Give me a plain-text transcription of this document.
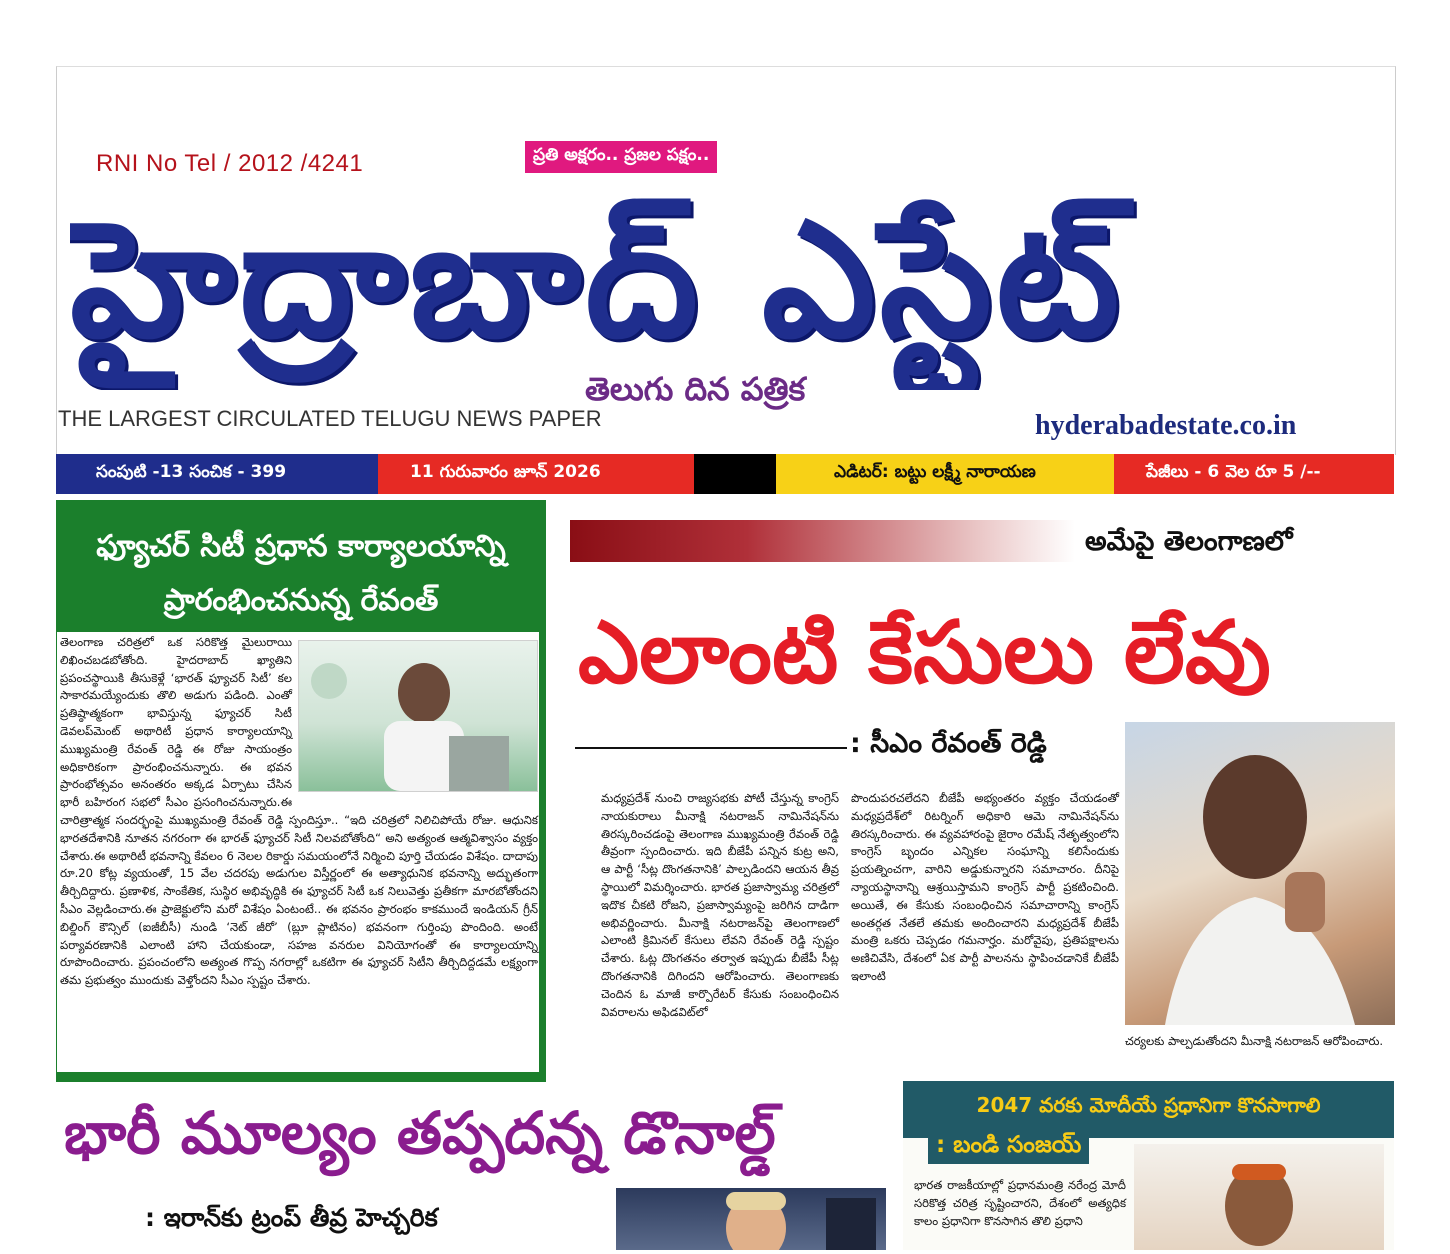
RNI No Tel / 2012 /4241	ప్రతి అక్షరం.. ప్రజల పక్షం..
హైద్రాబాద్ ఎస్టేట్
తెలుగు దిన పత్రిక
THE LARGEST CIRCULATED TELUGU NEWS PAPER	hyderabadestate.co.in
సంపుటి -13 సంచిక - 399	11 గురువారం జూన్ 2026	ఎడిటర్: బట్టు లక్ష్మీ నారాయణ	పేజీలు - 6 వెల రూ 5 /--
ఫ్యూచర్ సిటీ ప్రధాన కార్యాలయాన్ని
ప్రారంభించనున్న రేవంత్
తెలంగాణ చరిత్రలో ఒక సరికొత్త మైలురాయి లిఖించబడబోతోంది. హైదరాబాద్ ఖ్యాతిని ప్రపంచస్థాయికి తీసుకెళ్లే ‘భారత్ ఫ్యూచర్ సిటీ’ కల సాకారమయ్యేందుకు తొలి అడుగు పడింది. ఎంతో ప్రతిష్ఠాత్మకంగా భావిస్తున్న ఫ్యూచర్ సిటీ డెవలప్‌మెంట్ అథారిటీ ప్రధాన కార్యాలయాన్ని ముఖ్యమంత్రి రేవంత్ రెడ్డి ఈ రోజు సాయంత్రం అధికారికంగా ప్రారంభించనున్నారు. ఈ భవన ప్రారంభోత్సవం అనంతరం అక్కడ ఏర్పాటు చేసిన భారీ బహిరంగ సభలో సీఎం ప్రసంగించనున్నారు.ఈ చారిత్రాత్మక సందర్భంపై ముఖ్యమంత్రి రేవంత్ రెడ్డి స్పందిస్తూ.. “ఇది చరిత్రలో నిలిచిపోయే రోజు. ఆధునిక భారతదేశానికి నూతన నగరంగా ఈ భారత్ ఫ్యూచర్ సిటీ నిలవబోతోంది“ అని అత్యంత ఆత్మవిశ్వాసం వ్యక్తం చేశారు.ఈ అథారిటీ భవనాన్ని కేవలం 6 నెలల రికార్డు సమయంలోనే నిర్మించి పూర్తి చేయడం విశేషం. దాదాపు రూ.20 కోట్ల వ్యయంతో, 15 వేల చదరపు అడుగుల విస్తీర్ణంలో ఈ అత్యాధునిక భవనాన్ని అద్భుతంగా తీర్చిదిద్దారు. ప్రణాళిక, సాంకేతిక, సుస్థిర అభివృద్ధికి ఈ ఫ్యూచర్ సిటీ ఒక నిలువెత్తు ప్రతీకగా మారబోతోందని సీఎం వెల్లడించారు.ఈ ప్రాజెక్టులోని మరో విశేషం ఏంటంటే.. ఈ భవనం ప్రారంభం కాకముందే ఇండియన్ గ్రీన్ బిల్డింగ్ కౌన్సిల్ (ఐజీబీసీ) నుండి ‘నెట్ జీరో’ (బ్లూ ప్లాటినం) భవనంగా గుర్తింపు పొందింది. అంటే పర్యావరణానికి ఎలాంటి హాని చేయకుండా, సహజ వనరుల వినియోగంతో ఈ కార్యాలయాన్ని రూపొందించారు. ప్రపంచంలోని అత్యంత గొప్ప నగరాల్లో ఒకటిగా ఈ ఫ్యూచర్ సిటీని తీర్చిదిద్దడమే లక్ష్యంగా తమ ప్రభుత్వం ముందుకు వెళ్తోందని సీఎం స్పష్టం చేశారు.
అమేపై తెలంగాణలో
ఎలాంటి కేసులు లేవు
: సీఎం రేవంత్ రెడ్డి
మధ్యప్రదేశ్ నుంచి రాజ్యసభకు పోటీ చేస్తున్న కాంగ్రెస్ నాయకురాలు మీనాక్షి నటరాజన్ నామినేషన్‌ను తిరస్కరించడంపై తెలంగాణ ముఖ్యమంత్రి రేవంత్ రెడ్డి తీవ్రంగా స్పందించారు. ఇది బీజేపీ పన్నిన కుట్ర అని, ఆ పార్టీ ‘సీట్ల దొంగతనానికి’ పాల్పడిందని ఆయన తీవ్ర స్థాయిలో విమర్శించారు. భారత ప్రజాస్వామ్య చరిత్రలో ఇదొక చీకటి రోజని, ప్రజాస్వామ్యంపై జరిగిన దాడిగా అభివర్ణించారు. మీనాక్షి నటరాజన్‌పై తెలంగాణలో ఎలాంటి క్రిమినల్ కేసులు లేవని రేవంత్ రెడ్డి స్పష్టం చేశారు. ఓట్ల దొంగతనం తర్వాత ఇప్పుడు బీజేపీ సీట్ల దొంగతనానికి దిగిందని ఆరోపించారు. తెలంగాణకు చెందిన ఓ మాజీ కార్పొరేటర్ కేసుకు సంబంధించిన వివరాలను అఫిడవిట్‌లో
పొందుపరచలేదని బీజేపీ అభ్యంతరం వ్యక్తం చేయడంతో మధ్యప్రదేశ్‌లో రిటర్నింగ్ అధికారి ఆమె నామినేషన్‌ను తిరస్కరించారు. ఈ వ్యవహారంపై జైరాం రమేష్ నేతృత్వంలోని కాంగ్రెస్ బృందం ఎన్నికల సంఘాన్ని కలిసేందుకు ప్రయత్నించగా, వారిని అడ్డుకున్నారని సమాచారం. దీనిపై న్యాయస్థానాన్ని ఆశ్రయిస్తామని కాంగ్రెస్ పార్టీ ప్రకటించింది. అయితే, ఈ కేసుకు సంబంధించిన సమాచారాన్ని కాంగ్రెస్ అంతర్గత నేతలే తమకు అందించారని మధ్యప్రదేశ్ బీజేపీ మంత్రి ఒకరు చెప్పడం గమనార్హం. మరోవైపు, ప్రతిపక్షాలను అణిచివేసి, దేశంలో ఏక పార్టీ పాలనను స్థాపించడానికే బీజేపీ ఇలాంటి
చర్యలకు పాల్పడుతోందని మీనాక్షి నటరాజన్ ఆరోపించారు.
భారీ మూల్యం తప్పదన్న డొనాల్డ్
: ఇరాన్‌కు ట్రంప్ తీవ్ర హెచ్చరిక
2047 వరకు మోదీయే ప్రధానిగా కొనసాగాలి
: బండి సంజయ్
భారత రాజకీయాల్లో ప్రధానమంత్రి నరేంద్ర మోదీ సరికొత్త చరిత్ర సృష్టించారని, దేశంలో అత్యధిక కాలం ప్రధానిగా కొనసాగిన తొలి ప్రధాని
